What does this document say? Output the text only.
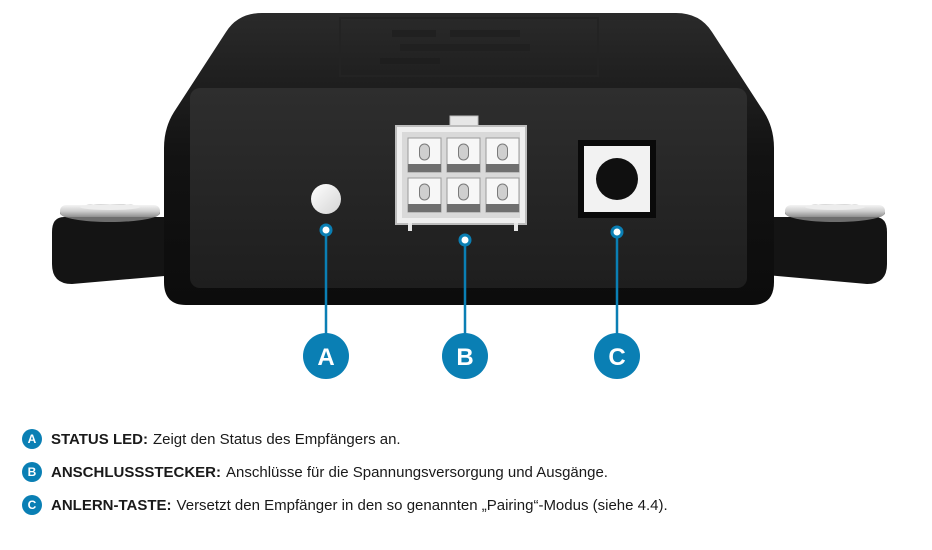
A	B	C
A STATUS LED: Zeigt den Status des Empfängers an.
B ANSCHLUSSSTECKER: Anschlüsse für die Spannungsversorgung und Ausgänge.
C ANLERN-TASTE: Versetzt den Empfänger in den so genannten „Pairing“-Modus (siehe 4.4).
